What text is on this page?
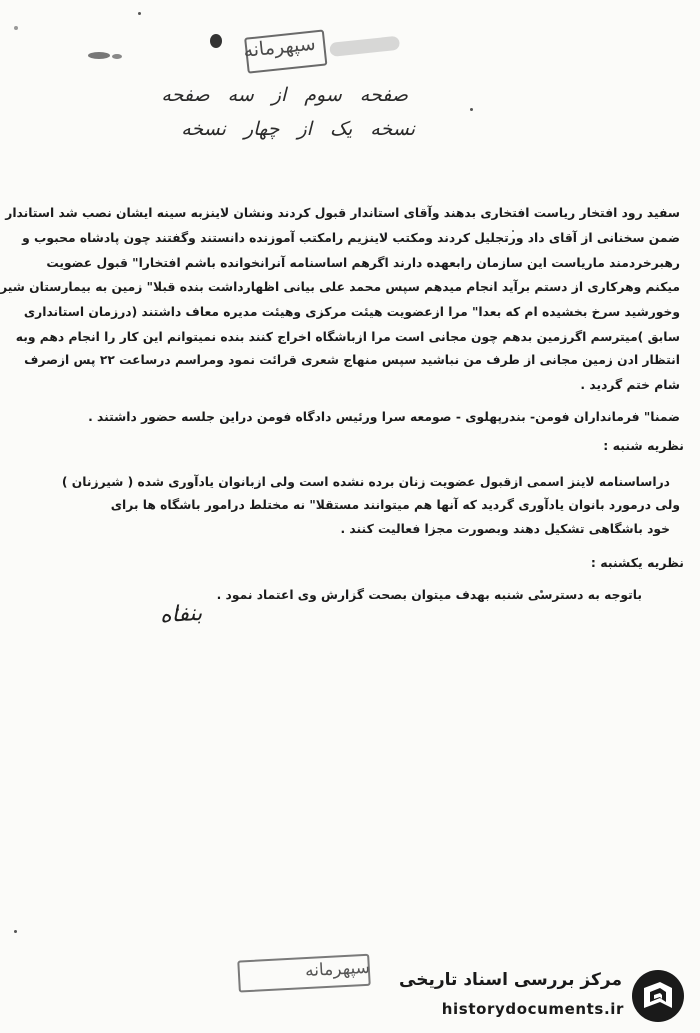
سپهرمانه
صفحه سوم از سه صفحه
نسخه یک از چهار نسخه
سفید رود افتخار ریاست افتخاری بدهند وآقای استاندار قبول کردند ونشان لاینزبه سینه ایشان نصب شد استاندار
ضمن سخنانی از آقای داد ورتجلیل کردند ومکتب لاینزیم رامکتب آموزنده دانستند وگفتند چون پادشاه محبوب و
رهبرخردمند ماریاست این سازمان رابعهده دارند اگرهم اساسنامه آنرانخوانده باشم افتخارا" قبول عضویت
میکنم وهرکاری از دستم برآید انجام میدهم سپس محمد علی بیانی اظهارداشت بنده قبلا" زمین به بیمارستان شیر
وخورشید سرخ بخشیده ام که بعدا" مرا ازعضویت هیئت مرکزی وهیئت مدیره معاف داشتند (درزمان استانداری
سابق )میترسم اگرزمین بدهم چون مجانی است مرا ازباشگاه اخراج کنند بنده نمیتوانم این کار را انجام دهم وبه
انتظار ادن زمین مجانی از طرف من نباشید سپس منهاج شعری قرائت نمود ومراسم درساعت ۲۲ پس ازصرف
شام ختم گردید .
ضمنا" فرمانداران فومن- بندرپهلوی - صومعه سرا ورئیس دادگاه فومن دراین جلسه حضور داشتند .
نظریه شنبه :
دراساسنامه لاینز اسمی ازقبول عضویت زنان برده نشده است ولی ازبانوان یادآوری شده ( شیرزنان )
ولی درمورد بانوان یادآوری گردید که آنها هم میتوانند مستقلا" نه مختلط درامور باشگاه ها برای
خود باشگاهی تشکیل دهند وبصورت مجزا فعالیت کنند .
نظریه یکشنبه :
باتوجه به دسترسی شنبه بهدف میتوان بصحت گزارش وی اعتماد نمود .
بنفاه
سپهرمانه مرکز بررسی اسناد تاریخی
historydocuments.ir
